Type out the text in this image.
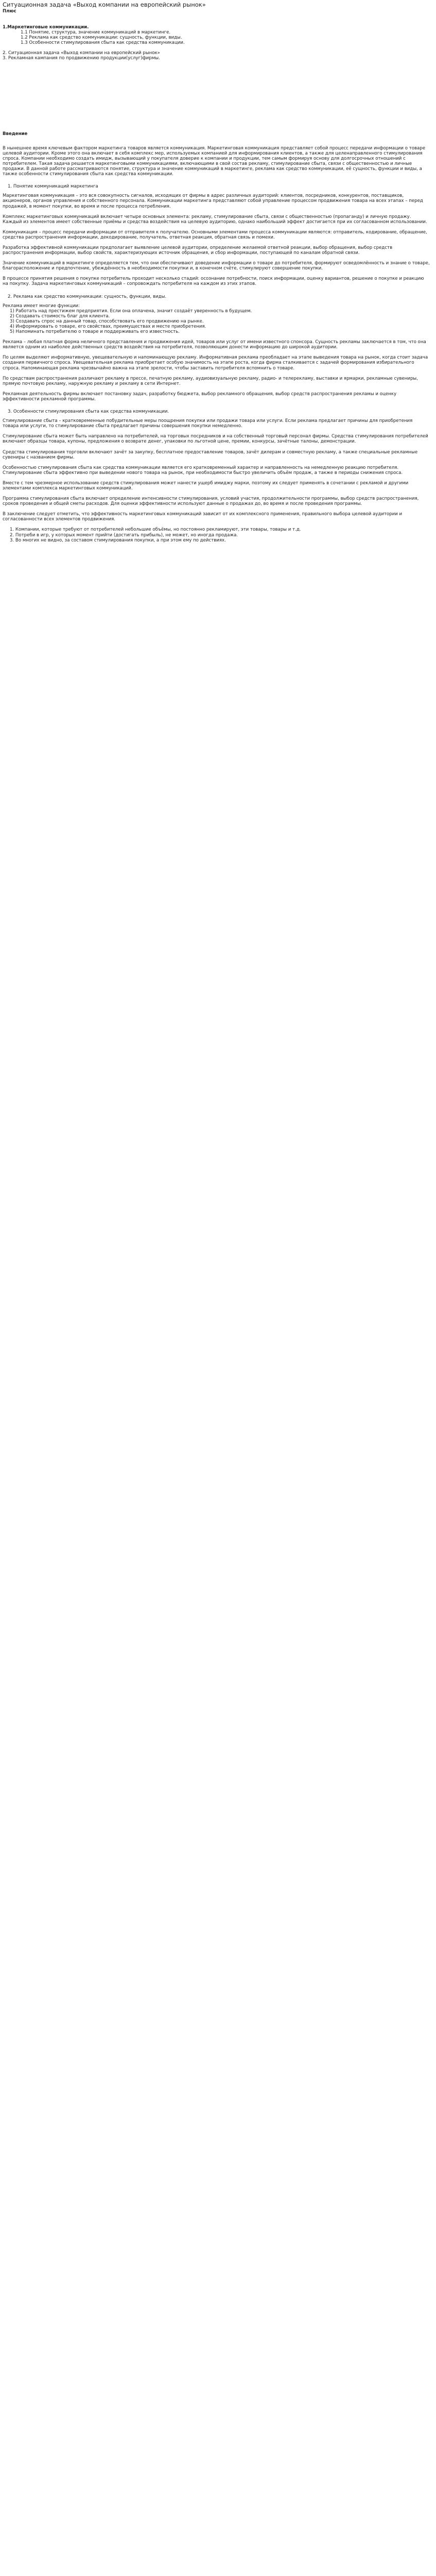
Ситуационная задача «Выход компании на европейский рынок»
Плюс

1.Маркетинговые коммуникации.

1.1 Понятие, структура, значение коммуникаций в маркетинге.

1.2 Реклама как средство коммуникации: сущность, функции, виды.

1.3 Особенности стимулирования сбыта как средства коммуникации.

2. Ситуационная задача «Выход компании на европейский рынок»

3. Рекламная кампания по продвижению продукции(услуг)фирмы.

Введение

В нынешнее время ключевым фактором маркетинга товаров является коммуникация. Маркетинговая коммуникация представляет собой процесс передачи информации о товаре целевой аудитории. Кроме этого она включает в себя комплекс мер, используемых компанией для информирования клиентов, а также для целенаправленного стимулирования спроса. Компании необходимо создать имидж, вызывающий у покупателя доверие к компании и продукции, тем самым формируя основу для долгосрочных отношений с потребителем. Такая задача решается маркетинговыми коммуникациями, включающими в свой состав рекламу, стимулирование сбыта, связи с общественностью и личные продажи. В данной работе рассматриваются понятие, структура и значение коммуникаций в маркетинге, реклама как средство коммуникации, её сущность, функции и виды, а также особенности стимулирования сбыта как средства коммуникации.

1. Понятие коммуникаций маркетинга

Маркетинговая коммуникация – это вся совокупность сигналов, исходящих от фирмы в адрес различных аудиторий: клиентов, посредников, конкурентов, поставщиков, акционеров, органов управления и собственного персонала. Коммуникации маркетинга представляют собой управление процессом продвижения товара на всех этапах – перед продажей, в момент покупки, во время и после процесса потребления.

Комплекс маркетинговых коммуникаций включает четыре основных элемента: рекламу, стимулирование сбыта, связи с общественностью (пропаганду) и личную продажу. Каждый из элементов имеет собственные приёмы и средства воздействия на целевую аудиторию, однако наибольший эффект достигается при их согласованном использовании.

Коммуникация – процесс передачи информации от отправителя к получателю. Основными элементами процесса коммуникации являются: отправитель, кодирование, обращение, средства распространения информации, декодирование, получатель, ответная реакция, обратная связь и помехи.

Разработка эффективной коммуникации предполагает выявление целевой аудитории, определение желаемой ответной реакции, выбор обращения, выбор средств распространения информации, выбор свойств, характеризующих источник обращения, и сбор информации, поступающей по каналам обратной связи.

Значение коммуникаций в маркетинге определяется тем, что они обеспечивают доведение информации о товаре до потребителя, формируют осведомлённость и знание о товаре, благорасположение и предпочтение, убеждённость в необходимости покупки и, в конечном счёте, стимулируют совершение покупки.

В процессе принятия решения о покупке потребитель проходит несколько стадий: осознание потребности, поиск информации, оценку вариантов, решение о покупке и реакцию на покупку. Задача маркетинговых коммуникаций – сопровождать потребителя на каждом из этих этапов.

2. Реклама как средство коммуникации: сущность, функции, виды.

Реклама имеет многие функции:

1) Работать над престижем предприятия. Если она оплачена, значит создаёт уверенность в будущем.

2) Создавать стоимость благ для клиента.

3) Создавать спрос на данный товар, способствовать его продвижению на рынке.

4) Информировать о товаре, его свойствах, преимуществах и месте приобретения.

5) Напоминать потребителю о товаре и поддерживать его известность.

Реклама – любая платная форма неличного представления и продвижения идей, товаров или услуг от имени известного спонсора. Сущность рекламы заключается в том, что она является одним из наиболее действенных средств воздействия на потребителя, позволяющим донести информацию до широкой аудитории.

По целям выделяют информативную, увещевательную и напоминающую рекламу. Информативная реклама преобладает на этапе выведения товара на рынок, когда стоит задача создания первичного спроса. Увещевательная реклама приобретает особую значимость на этапе роста, когда фирма сталкивается с задачей формирования избирательного спроса. Напоминающая реклама чрезвычайно важна на этапе зрелости, чтобы заставить потребителя вспомнить о товаре.

По средствам распространения различают рекламу в прессе, печатную рекламу, аудиовизуальную рекламу, радио- и телерекламу, выставки и ярмарки, рекламные сувениры, прямую почтовую рекламу, наружную рекламу и рекламу в сети Интернет.

Рекламная деятельность фирмы включает постановку задач, разработку бюджета, выбор рекламного обращения, выбор средств распространения рекламы и оценку эффективности рекламной программы.

3. Особенности стимулирования сбыта как средства коммуникации.

Стимулирование сбыта – кратковременные побудительные меры поощрения покупки или продажи товара или услуги. Если реклама предлагает причины для приобретения товара или услуги, то стимулирование сбыта предлагает причины совершения покупки немедленно.

Стимулирование сбыта может быть направлено на потребителей, на торговых посредников и на собственный торговый персонал фирмы. Средства стимулирования потребителей включают образцы товара, купоны, предложения о возврате денег, упаковки по льготной цене, премии, конкурсы, зачётные талоны, демонстрации.

Средства стимулирования торговли включают зачёт за закупку, бесплатное предоставление товаров, зачёт дилерам и совместную рекламу, а также специальные рекламные сувениры с названием фирмы.

Особенностью стимулирования сбыта как средства коммуникации является его кратковременный характер и направленность на немедленную реакцию потребителя. Стимулирование сбыта эффективно при выведении нового товара на рынок, при необходимости быстро увеличить объём продаж, а также в периоды снижения спроса.

Вместе с тем чрезмерное использование средств стимулирования может нанести ущерб имиджу марки, поэтому их следует применять в сочетании с рекламой и другими элементами комплекса маркетинговых коммуникаций.

Программа стимулирования сбыта включает определение интенсивности стимулирования, условий участия, продолжительности программы, выбор средств распространения, сроков проведения и общей сметы расходов. Для оценки эффективности используют данные о продажах до, во время и после проведения программы.

В заключение следует отметить, что эффективность маркетинговых коммуникаций зависит от их комплексного применения, правильного выбора целевой аудитории и согласованности всех элементов продвижения.

1. Компании, которые требуют от потребителей небольшие объёмы, но постоянно рекламируют, эти товары, товары и т.д.

2. Потреби в игр, у которых момент прийти (достигать прибыль), не может, но иногда продажа.

3. Во многих не видно, за составом стимулирования покупки, а при этом ему по действиях.
